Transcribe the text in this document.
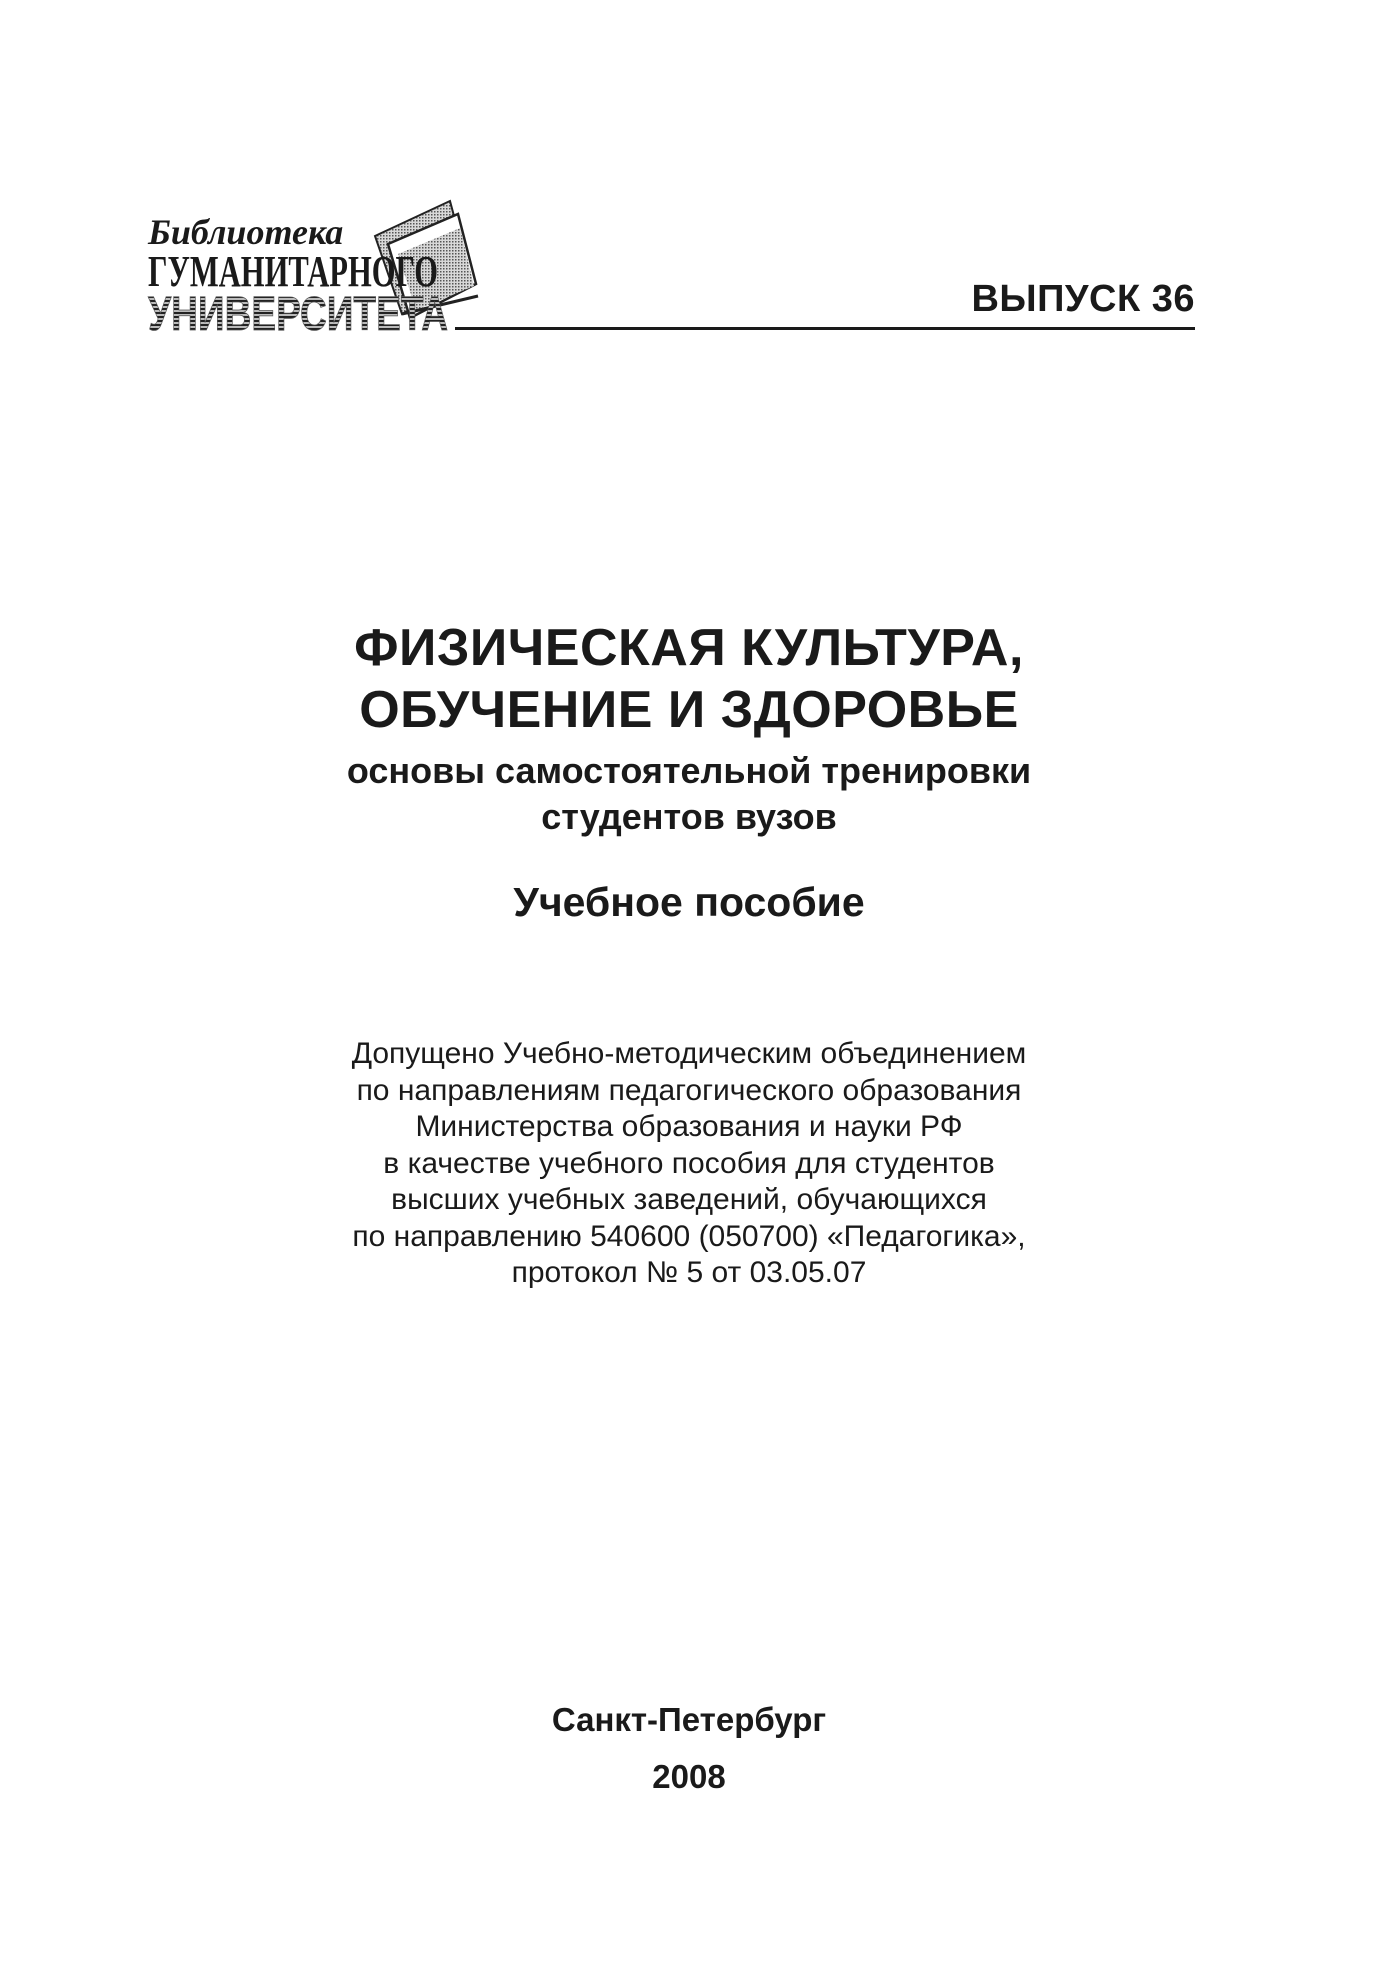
Библиотека
ГУМАНИТАРНОГО
УНИВЕРСИТЕТА	ВЫПУСК 36
ФИЗИЧЕСКАЯ КУЛЬТУРА,
ОБУЧЕНИЕ И ЗДОРОВЬЕ
основы самостоятельной тренировки
студентов вузов
Учебное пособие
Допущено Учебно-методическим объединением
по направлениям педагогического образования
Министерства образования и науки РФ
в качестве учебного пособия для студентов
высших учебных заведений, обучающихся
по направлению 540600 (050700) «Педагогика»,
протокол № 5 от 03.05.07
Санкт-Петербург
2008
